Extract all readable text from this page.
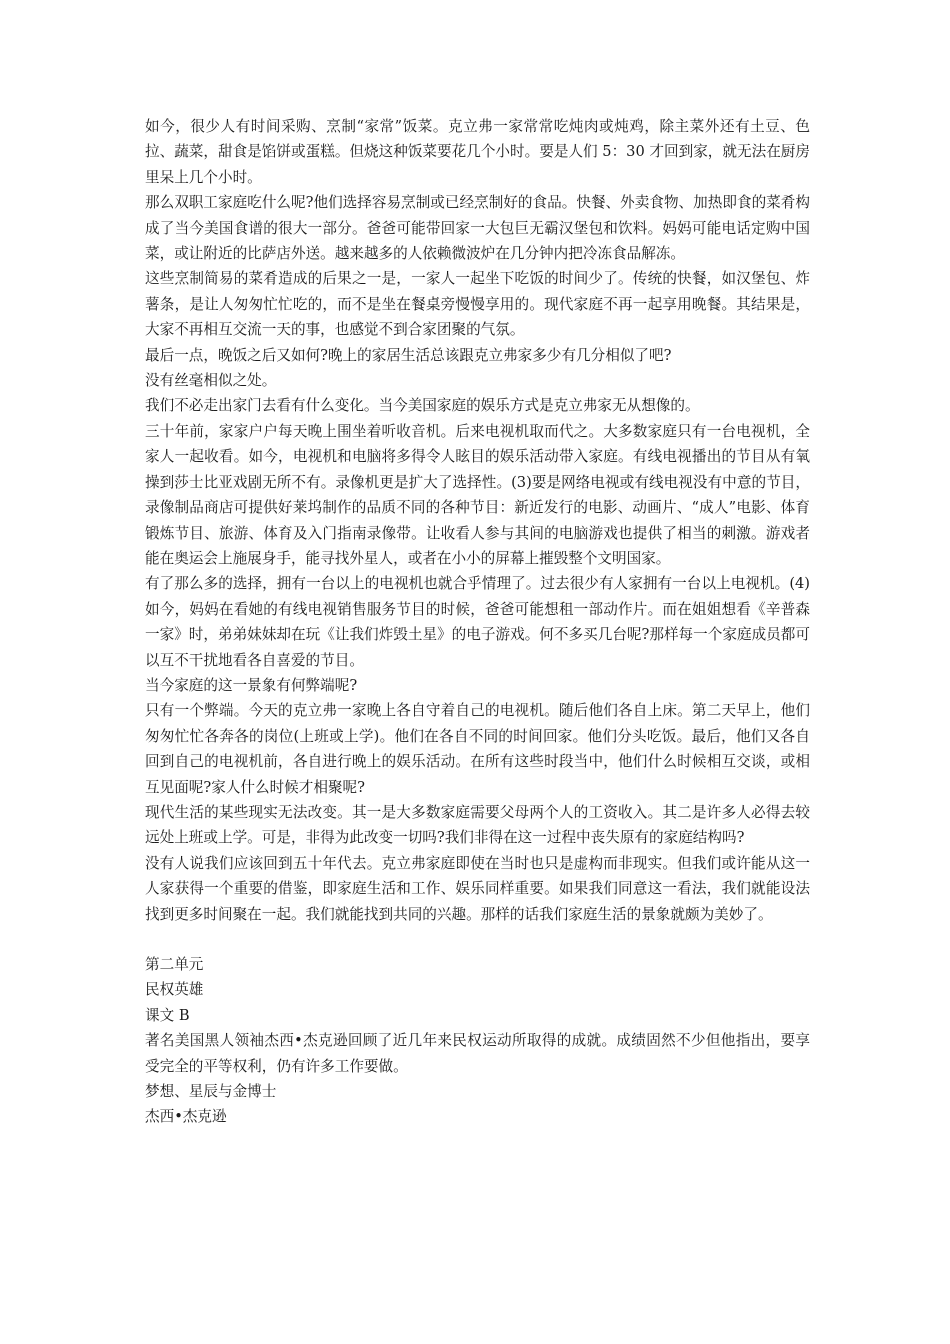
如今，很少人有时间采购、烹制“家常”饭菜。克立弗一家常常吃炖肉或炖鸡，除主菜外还有土豆、色拉、蔬菜，甜食是馅饼或蛋糕。但烧这种饭菜要花几个小时。要是人们 5：30 才回到家，就无法在厨房里呆上几个小时。

那么双职工家庭吃什么呢?他们选择容易烹制或已经烹制好的食品。快餐、外卖食物、加热即食的菜肴构成了当今美国食谱的很大一部分。爸爸可能带回家一大包巨无霸汉堡包和饮料。妈妈可能电话定购中国菜，或让附近的比萨店外送。越来越多的人依赖微波炉在几分钟内把冷冻食品解冻。

这些烹制简易的菜肴造成的后果之一是，一家人一起坐下吃饭的时间少了。传统的快餐，如汉堡包、炸薯条，是让人匆匆忙忙吃的，而不是坐在餐桌旁慢慢享用的。现代家庭不再一起享用晚餐。其结果是，大家不再相互交流一天的事，也感觉不到合家团聚的气氛。

最后一点，晚饭之后又如何?晚上的家居生活总该跟克立弗家多少有几分相似了吧?

没有丝毫相似之处。

我们不必走出家门去看有什么变化。当今美国家庭的娱乐方式是克立弗家无从想像的。

三十年前，家家户户每天晚上围坐着听收音机。后来电视机取而代之。大多数家庭只有一台电视机，全家人一起收看。如今，电视机和电脑将多得令人眩目的娱乐活动带入家庭。有线电视播出的节目从有氧操到莎士比亚戏剧无所不有。录像机更是扩大了选择性。(3)要是网络电视或有线电视没有中意的节目，录像制品商店可提供好莱坞制作的品质不同的各种节目：新近发行的电影、动画片、“成人”电影、体育锻炼节目、旅游、体育及入门指南录像带。让收看人参与其间的电脑游戏也提供了相当的刺激。游戏者能在奥运会上施展身手，能寻找外星人，或者在小小的屏幕上摧毁整个文明国家。

有了那么多的选择，拥有一台以上的电视机也就合乎情理了。过去很少有人家拥有一台以上电视机。(4)如今，妈妈在看她的有线电视销售服务节目的时候，爸爸可能想租一部动作片。而在姐姐想看《辛普森一家》时，弟弟妹妹却在玩《让我们炸毁土星》的电子游戏。何不多买几台呢?那样每一个家庭成员都可以互不干扰地看各自喜爱的节目。

当今家庭的这一景象有何弊端呢?

只有一个弊端。今天的克立弗一家晚上各自守着自己的电视机。随后他们各自上床。第二天早上，他们匆匆忙忙各奔各的岗位(上班或上学)。他们在各自不同的时间回家。他们分头吃饭。最后，他们又各自回到自己的电视机前，各自进行晚上的娱乐活动。在所有这些时段当中，他们什么时候相互交谈，或相互见面呢?家人什么时候才相聚呢?

现代生活的某些现实无法改变。其一是大多数家庭需要父母两个人的工资收入。其二是许多人必得去较远处上班或上学。可是，非得为此改变一切吗?我们非得在这一过程中丧失原有的家庭结构吗?

没有人说我们应该回到五十年代去。克立弗家庭即使在当时也只是虚构而非现实。但我们或许能从这一人家获得一个重要的借鉴，即家庭生活和工作、娱乐同样重要。如果我们同意这一看法，我们就能设法找到更多时间聚在一起。我们就能找到共同的兴趣。那样的话我们家庭生活的景象就颇为美妙了。

第二单元

民权英雄

课文 B

著名美国黑人领袖杰西•杰克逊回顾了近几年来民权运动所取得的成就。成绩固然不少但他指出，要享受完全的平等权利，仍有许多工作要做。

梦想、星辰与金博士

杰西•杰克逊
